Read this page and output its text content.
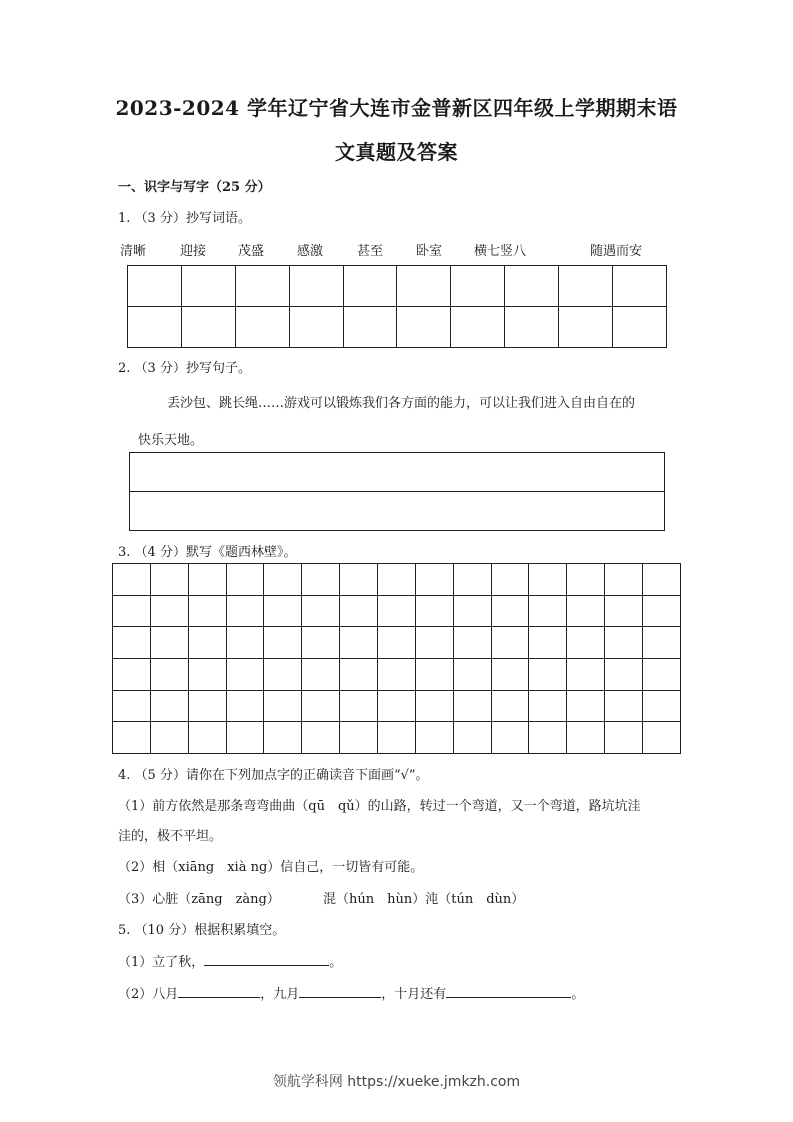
2023-2024 学年辽宁省大连市金普新区四年级上学期期末语
文真题及答案
一、识字与写字（25 分）
1. （3 分）抄写词语。
清晰	迎接 茂盛	感激	甚至	卧室 横七竖八	随遇而安

2. （3 分）抄写句子。
丢沙包、跳长绳……游戏可以锻炼我们各方面的能力，可以让我们进入自由自在的
快乐天地。

3. （4 分）默写《题西林壁》。

4. （5 分）请你在下列加点字的正确读音下面画“√”。
（1）前方依然是那条弯弯曲曲（qū　qǔ）的山路，转过一个弯道，又一个弯道，路坑坑洼
洼的，极不平坦。
（2）相（xiāng　xià ng）信自己，一切皆有可能。
（3）心脏（zāng　zàng）	混（hún　hùn）沌（tún　dùn）
5. （10 分）根据积累填空。
（1）立了秋，	。
（2）八月	，九月	，十月还有	。
领航学科网 https://xueke.jmkzh.com
